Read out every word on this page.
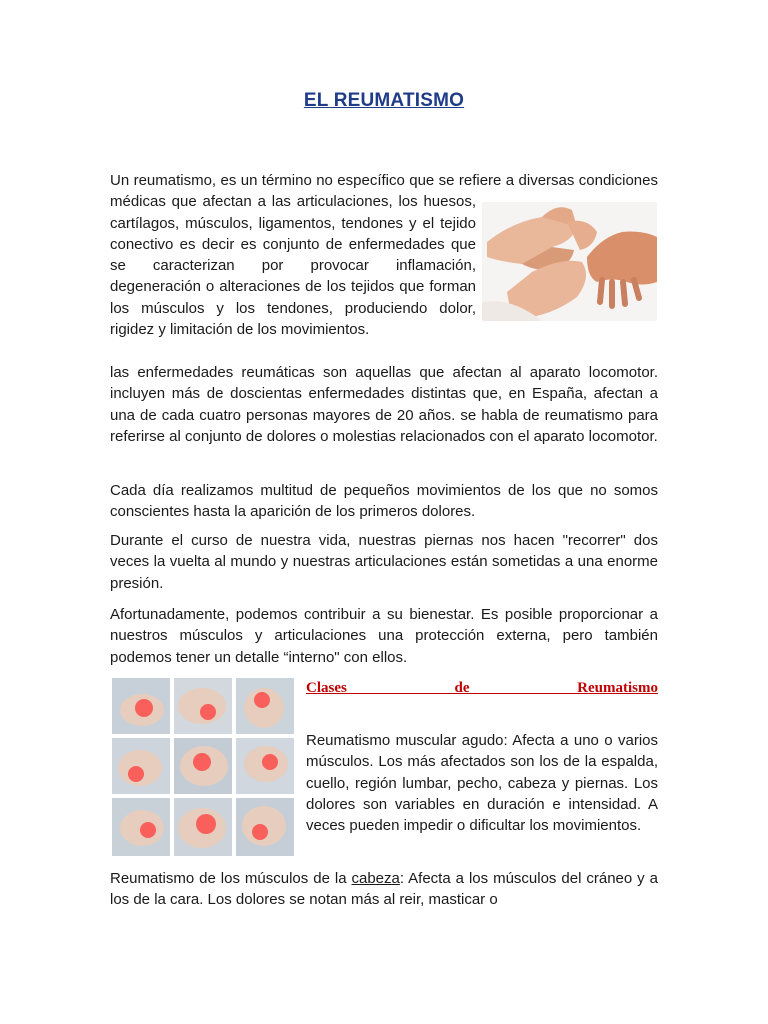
EL REUMATISMO

Un reumatismo, es un término no específico que se refiere a diversas condiciones médicas que afectan a las articulaciones, los huesos, cartílagos, músculos, ligamentos, tendones y el tejido conectivo es decir es conjunto de enfermedades que se caracterizan por provocar inflamación, degeneración o alteraciones de los tejidos que forman los músculos y los tendones, produciendo dolor, rigidez y limitación de los movimientos.

las enfermedades reumáticas son aquellas que afectan al aparato locomotor. incluyen más de doscientas enfermedades distintas que, en España, afectan a una de cada cuatro personas mayores de 20 años. se habla de reumatismo para referirse al conjunto de dolores o molestias relacionados con el aparato locomotor.

Cada día realizamos multitud de pequeños movimientos de los que no somos conscientes hasta la aparición de los primeros dolores.

Durante el curso de nuestra vida, nuestras piernas nos hacen "recorrer" dos veces la vuelta al mundo y nuestras articulaciones están sometidas a una enorme presión.

Afortunadamente, podemos contribuir a su bienestar. Es posible proporcionar a nuestros músculos y articulaciones una protección externa, pero también podemos tener un detalle “interno" con ellos.

Clases de Reumatismo

Reumatismo muscular agudo: Afecta a uno o varios músculos. Los más afectados son los de la espalda, cuello, región lumbar, pecho, cabeza y piernas. Los dolores son variables en duración e intensidad. A veces pueden impedir o dificultar los movimientos.

Reumatismo de los músculos de la cabeza: Afecta a los músculos del cráneo y a los de la cara. Los dolores se notan más al reir, masticar o
